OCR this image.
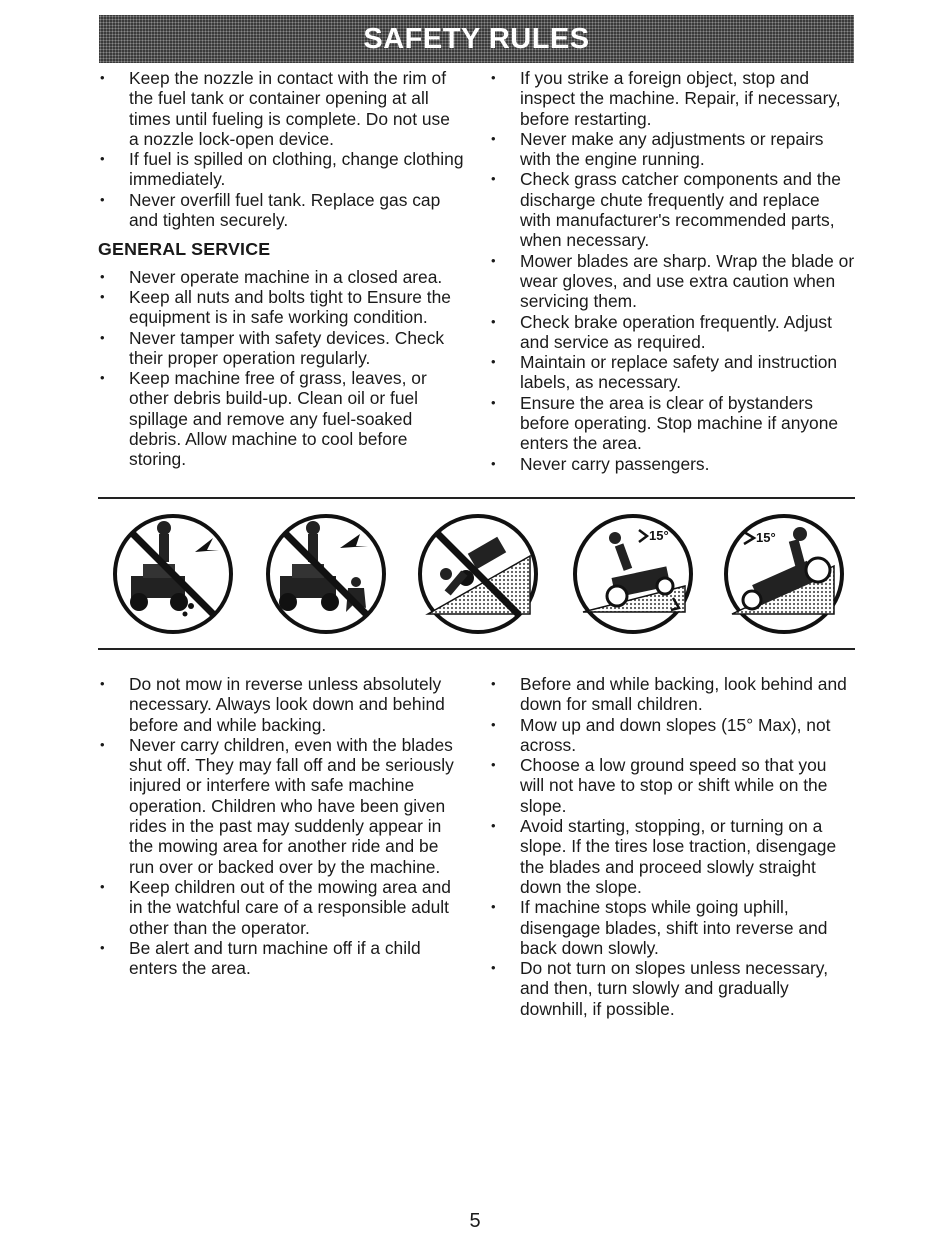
SAFETY RULES
• Keep the nozzle in contact with the rim of the fuel tank or container opening at all times until fueling is complete. Do not use a nozzle lock-open device.
• If fuel is spilled on clothing, change clothing immediately.
• Never overfill fuel tank. Replace gas cap and tighten securely.
GENERAL SERVICE
• Never operate machine in a closed area.
• Keep all nuts and bolts tight to Ensure the equipment is in safe working condition.
• Never tamper with safety devices. Check their proper operation regularly.
• Keep machine free of grass, leaves, or other debris build-up. Clean oil or fuel spillage and remove any fuel-soaked debris. Allow machine to cool before storing.
• If you strike a foreign object, stop and inspect the machine. Repair, if necessary, before restarting.
• Never make any adjustments or repairs with the engine running.
• Check grass catcher components and the discharge chute frequently and replace with manufacturer's recommended parts, when necessary.
• Mower blades are sharp. Wrap the blade or wear gloves, and use extra caution when servicing them.
• Check brake operation frequently. Adjust and service as required.
• Maintain or replace safety and instruction labels, as necessary.
• Ensure the area is clear of bystanders before operating. Stop machine if anyone enters the area.
• Never carry passengers.
15°	15°
• Do not mow in reverse unless absolutely necessary. Always look down and behind before and while backing.
• Never carry children, even with the blades shut off. They may fall off and be seriously injured or interfere with safe machine operation. Children who have been given rides in the past may suddenly appear in the mowing area for another ride and be run over or backed over by the machine.
• Keep children out of the mowing area and in the watchful care of a responsible adult other than the operator.
• Be alert and turn machine off if a child enters the area.
• Before and while backing, look behind and down for small children.
• Mow up and down slopes (15° Max), not across.
• Choose a low ground speed so that you will not have to stop or shift while on the slope.
• Avoid starting, stopping, or turning on a slope. If the tires lose traction, disengage the blades and proceed slowly straight down the slope.
• If machine stops while going uphill, disengage blades, shift into reverse and back down slowly.
• Do not turn on slopes unless necessary, and then, turn slowly and gradually downhill, if possible.
5
